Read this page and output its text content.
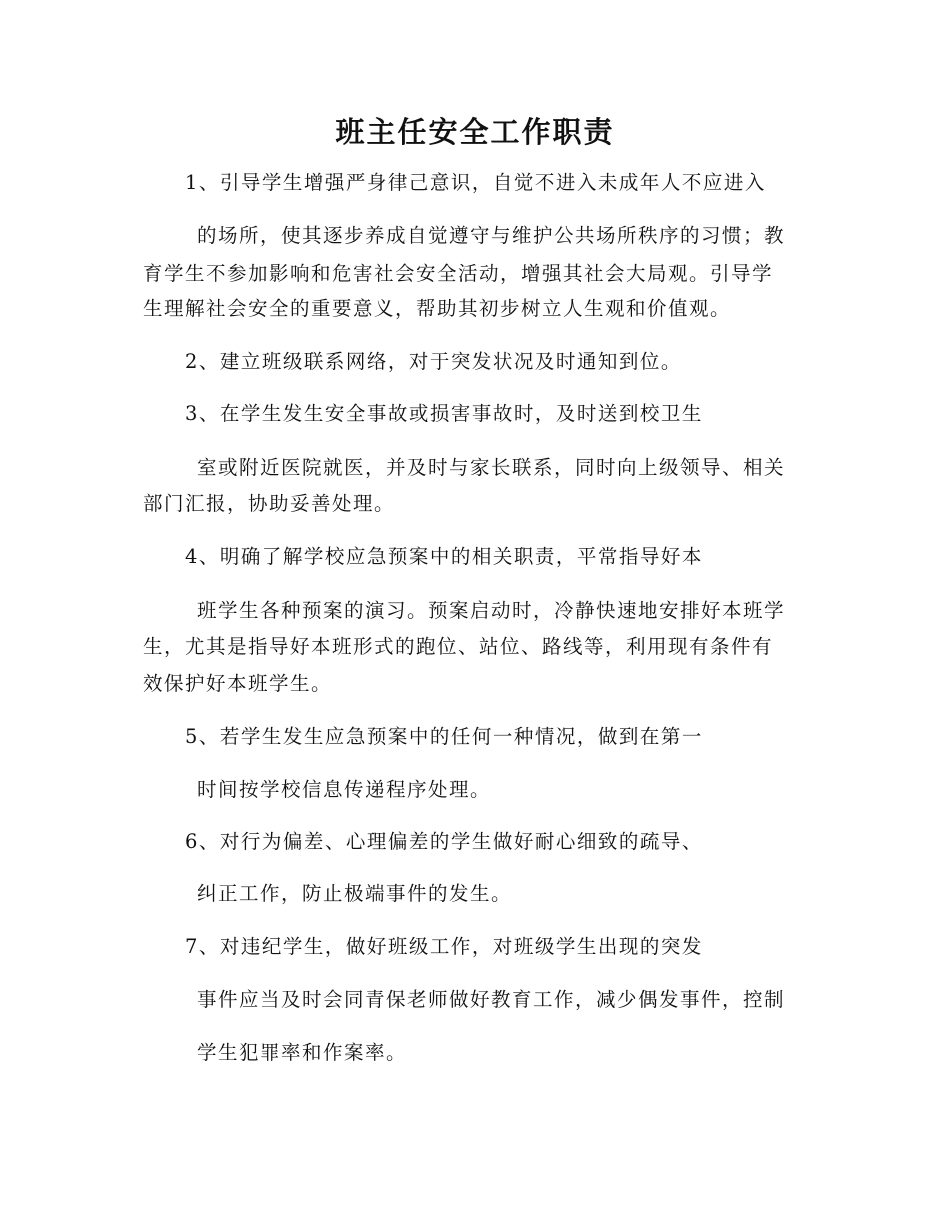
班主任安全工作职责
1、引导学生增强严身律己意识，自觉不进入未成年人不应进入
的场所，使其逐步养成自觉遵守与维护公共场所秩序的习惯；教
育学生不参加影响和危害社会安全活动，增强其社会大局观。引导学
生理解社会安全的重要意义，帮助其初步树立人生观和价值观。
2、建立班级联系网络，对于突发状况及时通知到位。
3、在学生发生安全事故或损害事故时，及时送到校卫生
室或附近医院就医，并及时与家长联系，同时向上级领导、相关
部门汇报，协助妥善处理。
4、明确了解学校应急预案中的相关职责，平常指导好本
班学生各种预案的演习。预案启动时，冷静快速地安排好本班学
生，尤其是指导好本班形式的跑位、站位、路线等，利用现有条件有
效保护好本班学生。
5、若学生发生应急预案中的任何一种情况，做到在第一
时间按学校信息传递程序处理。
6、对行为偏差、心理偏差的学生做好耐心细致的疏导、
纠正工作，防止极端事件的发生。
7、对违纪学生，做好班级工作，对班级学生出现的突发
事件应当及时会同青保老师做好教育工作，减少偶发事件，控制
学生犯罪率和作案率。
